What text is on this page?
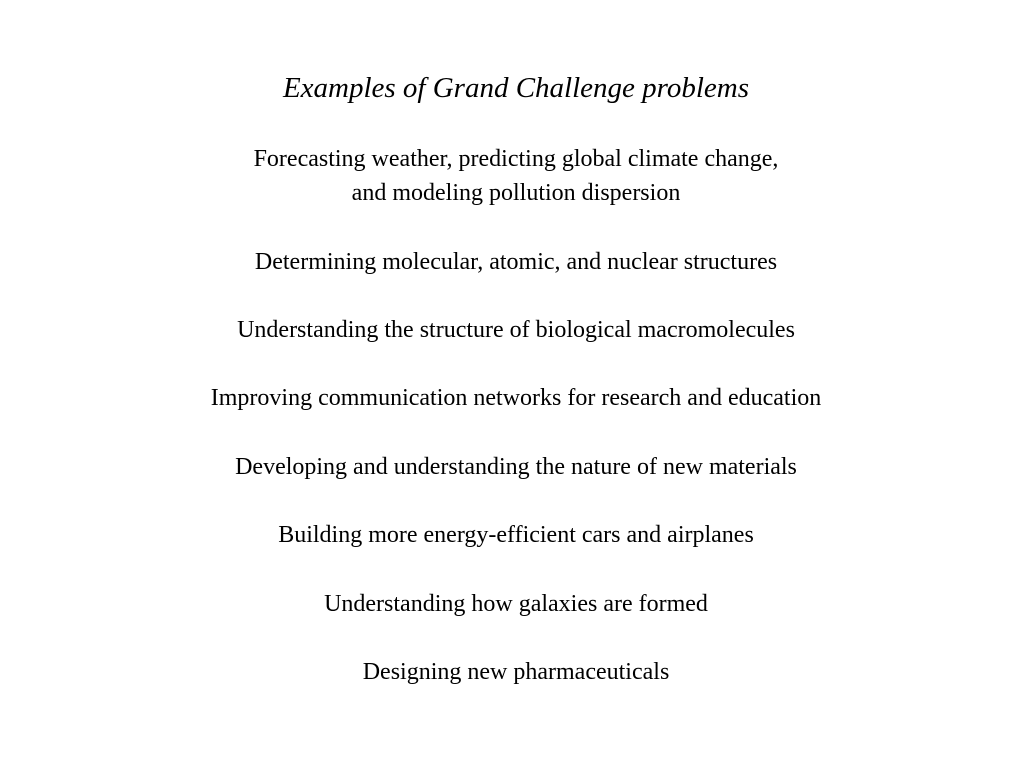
Examples of Grand Challenge problems
Forecasting weather, predicting global climate change,
and modeling pollution dispersion
Determining molecular, atomic, and nuclear structures
Understanding the structure of biological macromolecules
Improving communication networks for research and education
Developing and understanding the nature of new materials
Building more energy-efficient cars and airplanes
Understanding how galaxies are formed
Designing new pharmaceuticals
